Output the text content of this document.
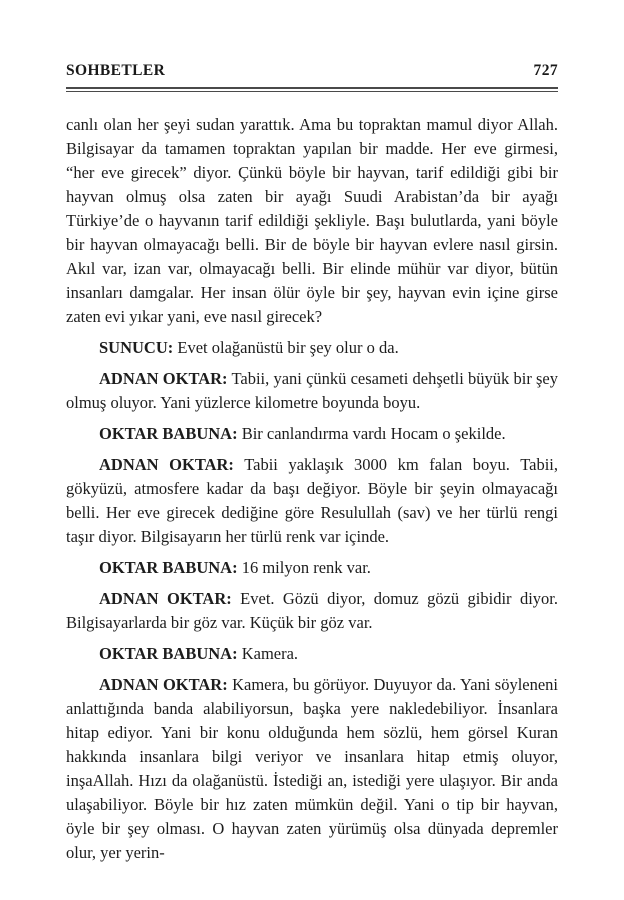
SOHBETLER	727

canlı olan her şeyi sudan yarattık. Ama bu topraktan mamul diyor Allah. Bilgisayar da tamamen topraktan yapılan bir madde. Her eve girmesi, “her eve girecek” diyor. Çünkü böyle bir hayvan, tarif edildiği gibi bir hayvan olmuş olsa zaten bir ayağı Suudi Arabistan’da bir ayağı Türkiye’de o hayvanın tarif edildiği şekliyle. Başı bulutlarda, yani böyle bir hayvan olmayacağı belli. Bir de böyle bir hayvan evlere nasıl girsin. Akıl var, izan var, olmayacağı belli. Bir elinde mühür var diyor, bütün insanları damgalar. Her insan ölür öyle bir şey, hayvan evin içine girse zaten evi yıkar yani, eve nasıl girecek?

SUNUCU: Evet olağanüstü bir şey olur o da.

ADNAN OKTAR: Tabii, yani çünkü cesameti dehşetli büyük bir şey olmuş oluyor. Yani yüzlerce kilometre boyunda boyu.

OKTAR BABUNA: Bir canlandırma vardı Hocam o şekilde.

ADNAN OKTAR: Tabii yaklaşık 3000 km falan boyu. Tabii, gökyüzü, atmosfere kadar da başı değiyor. Böyle bir şeyin olmayacağı belli. Her eve girecek dediğine göre Resulullah (sav) ve her türlü rengi taşır diyor. Bilgisayarın her türlü renk var içinde.

OKTAR BABUNA: 16 milyon renk var.

ADNAN OKTAR: Evet. Gözü diyor, domuz gözü gibidir diyor. Bilgisayarlarda bir göz var. Küçük bir göz var.

OKTAR BABUNA: Kamera.

ADNAN OKTAR: Kamera, bu görüyor. Duyuyor da. Yani söyleneni anlattığında banda alabiliyorsun, başka yere nakledebiliyor. İnsanlara hitap ediyor. Yani bir konu olduğunda hem sözlü, hem görsel Kuran hakkında insanlara bilgi veriyor ve insanlara hitap etmiş oluyor, inşaAllah. Hızı da olağanüstü. İstediği an, istediği yere ulaşıyor. Bir anda ulaşabiliyor. Böyle bir hız zaten mümkün değil. Yani o tip bir hayvan, öyle bir şey olması. O hayvan zaten yürümüş olsa dünyada depremler olur, yer yerin-
